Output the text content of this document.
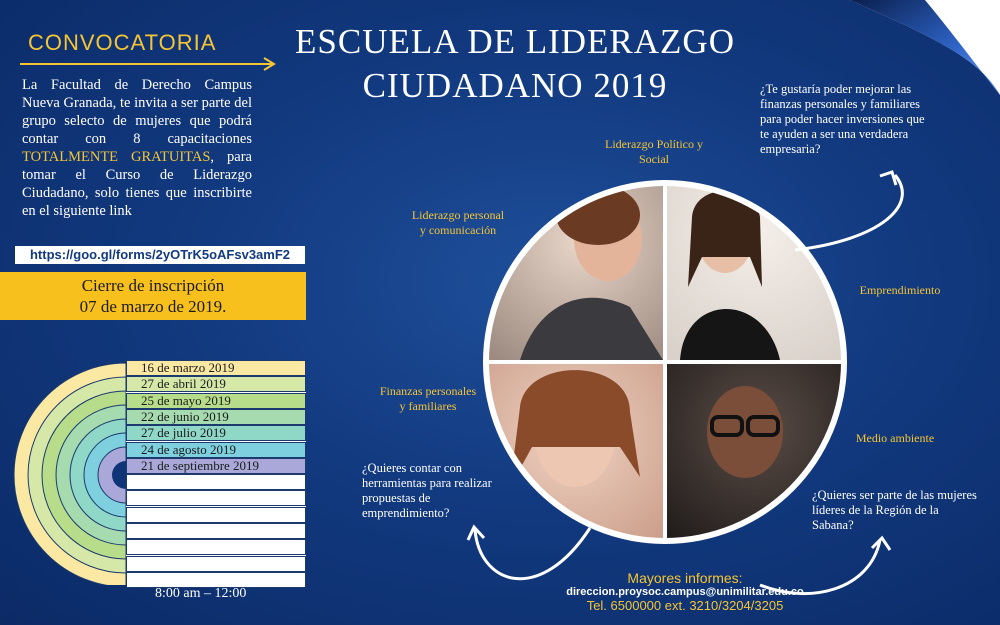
CONVOCATORIA
La Facultad de Derecho Campus Nueva Granada, te invita a ser parte del grupo selecto de mujeres que podrá contar con 8 capacitaciones TOTALMENTE GRATUITAS, para tomar el Curso de Liderazgo Ciudadano, solo tienes que inscribirte en el siguiente link
https://goo.gl/forms/2yOTrK5oAFsv3amF2
Cierre de inscripción
07 de marzo de 2019.
16 de marzo 2019
27 de abril 2019
25 de mayo 2019
22 de junio 2019
27 de julio 2019
24 de agosto 2019
21 de septiembre 2019
8:00 am – 12:00
ESCUELA DE LIDERAZGO
CIUDADANO 2019
Liderazgo Político y Social
Liderazgo personal y comunicación
Emprendimiento
Finanzas personales y familiares
Medio ambiente
¿Te gustaría poder mejorar las finanzas personales y familiares para poder hacer inversiones que te ayuden a ser una verdadera empresaria?
¿Quieres contar con herramientas para realizar propuestas de emprendimiento?
¿Quieres ser parte de las mujeres líderes de la Región de la Sabana?
Mayores informes:
direccion.proysoc.campus@unimilitar.edu.co
Tel. 6500000 ext. 3210/3204/3205
